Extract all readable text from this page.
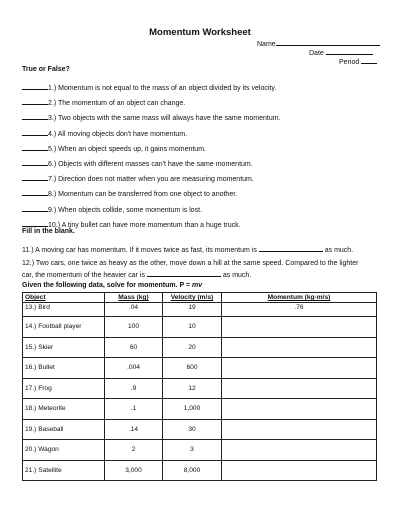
Momentum Worksheet
Name
Date
Period
True or False?
1.) Momentum is not equal to the mass of an object divided by its velocity.
2.) The momentum of an object can change.
3.) Two objects with the same mass will always have the same momentum.
4.) All moving objects don't have momentum.
5.) When an object speeds up, it gains momentum.
6.) Objects with different masses can't have the same momentum.
7.) Direction does not matter when you are measuring momentum.
8.) Momentum can be transferred from one object to another.
9.) When objects collide, some momentum is lost.
10.) A tiny bullet can have more momentum than a huge truck.
Fill in the blank.
11.) A moving car has momentum. If it moves twice as fast, its momentum is	as much.
12.) Two cars, one twice as heavy as the other, move down a hill at the same speed. Compared to the lighter
car, the momentum of the heavier car is	as much.
Given the following data, solve for momentum. P = mv
Object	Mass (kg)	Velocity (m/s)	Momentum (kg-m/s)
13.) Bird	.04	19	.76
14.) Football player	100	10	
15.) Skier	60	20	
16.) Bullet	.004	600	
17.) Frog	.9	12	
18.) Meteorite	.1	1,000	
19.) Baseball	.14	30	
20.) Wagon	2	3	
21.) Satellite	3,000	8,000	
